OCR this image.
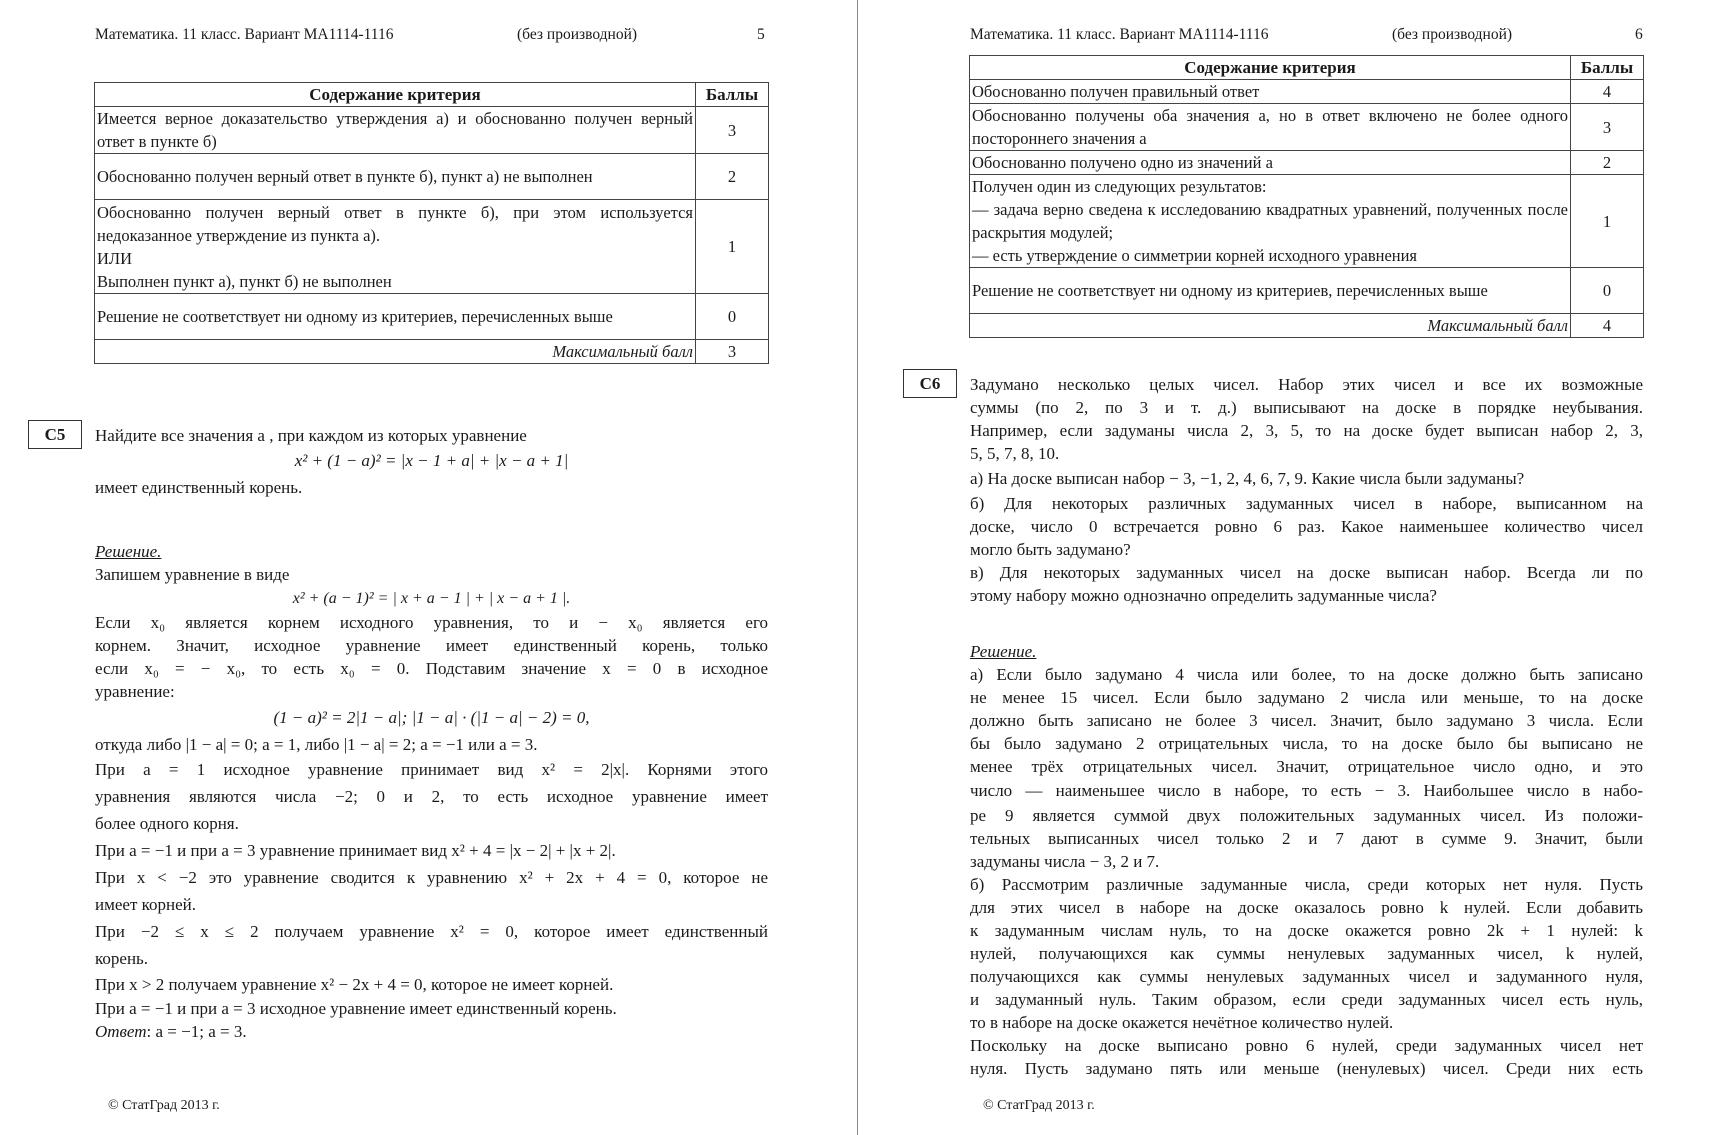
Математика. 11 класс. Вариант МА1114-1116	(без производной)	5
Содержание критерия	Баллы
Имеется верное доказательство утверждения а) и обоснованно получен верный ответ в пункте б)	3
Обоснованно получен верный ответ в пункте б), пункт а) не выполнен	2

Обоснованно получен верный ответ в пункте б), при этом используется недоказанное утверждение из пункта а).
ИЛИ
Выполнен пункт а), пункт б) не выполнен	1
Решение не соответствует ни одному из критериев, перечисленных выше	0
Максимальный балл	3
C5	Найдите все значения a , при каждом из которых уравнение
x² + (1 − a)² = |x − 1 + a| + |x − a + 1|
имеет единственный корень.
Решение.
Запишем уравнение в виде
x² + (a − 1)² = | x + a − 1 | + | x − a + 1 |.
Если x₀ является корнем исходного уравнения, то и − x₀ является его
корнем. Значит, исходное уравнение имеет единственный корень, только
если x₀ = − x₀, то есть x₀ = 0. Подставим значение x = 0 в исходное
уравнение:
(1 − a)² = 2|1 − a|; |1 − a| · (|1 − a| − 2) = 0,
откуда либо |1 − a| = 0; a = 1, либо |1 − a| = 2; a = −1 или a = 3.
При a = 1 исходное уравнение принимает вид x² = 2|x|. Корнями этого
уравнения являются числа −2; 0 и 2, то есть исходное уравнение имеет
более одного корня.
При a = −1 и при a = 3 уравнение принимает вид x² + 4 = |x − 2| + |x + 2|.
При x < −2 это уравнение сводится к уравнению x² + 2x + 4 = 0, которое не
имеет корней.
При −2 ≤ x ≤ 2 получаем уравнение x² = 0, которое имеет единственный
корень.
При x > 2 получаем уравнение x² − 2x + 4 = 0, которое не имеет корней.
При a = −1 и при a = 3 исходное уравнение имеет единственный корень.
Ответ: a = −1; a = 3.
© СтатГрад 2013 г.
Математика. 11 класс. Вариант МА1114-1116	(без производной)	6
Содержание критерия	Баллы
Обоснованно получен правильный ответ	4
Обоснованно получены оба значения a, но в ответ включено не более одного постороннего значения a	3
Обоснованно получено одно из значений a	2

Получен один из следующих результатов:
— задача верно сведена к исследованию квадратных уравнений, полученных после раскрытия модулей;
— есть утверждение о симметрии корней исходного уравнения	1
Решение не соответствует ни одному из критериев, перечисленных выше	0
Максимальный балл	4
C6	Задумано несколько целых чисел. Набор этих чисел и все их возможные
суммы (по 2, по 3 и т. д.) выписывают на доске в порядке неубывания.
Например, если задуманы числа 2, 3, 5, то на доске будет выписан набор 2, 3,
5, 5, 7, 8, 10.
а) На доске выписан набор − 3, −1, 2, 4, 6, 7, 9. Какие числа были задуманы?
б) Для некоторых различных задуманных чисел в наборе, выписанном на
доске, число 0 встречается ровно 6 раз. Какое наименьшее количество чисел
могло быть задумано?
в) Для некоторых задуманных чисел на доске выписан набор. Всегда ли по
этому набору можно однозначно определить задуманные числа?
Решение.
а) Если было задумано 4 числа или более, то на доске должно быть записано
не менее 15 чисел. Если было задумано 2 числа или меньше, то на доске
должно быть записано не более 3 чисел. Значит, было задумано 3 числа. Если
бы было задумано 2 отрицательных числа, то на доске было бы выписано не
менее трёх отрицательных чисел. Значит, отрицательное число одно, и это
число — наименьшее число в наборе, то есть − 3. Наибольшее число в набо-
ре 9 является суммой двух положительных задуманных чисел. Из положи-
тельных выписанных чисел только 2 и 7 дают в сумме 9. Значит, были
задуманы числа − 3, 2 и 7.
б) Рассмотрим различные задуманные числа, среди которых нет нуля. Пусть
для этих чисел в наборе на доске оказалось ровно k нулей. Если добавить
к задуманным числам нуль, то на доске окажется ровно 2k + 1 нулей: k
нулей, получающихся как суммы ненулевых задуманных чисел, k нулей,
получающихся как суммы ненулевых задуманных чисел и задуманного нуля,
и задуманный нуль. Таким образом, если среди задуманных чисел есть нуль,
то в наборе на доске окажется нечётное количество нулей.
Поскольку на доске выписано ровно 6 нулей, среди задуманных чисел нет
нуля. Пусть задумано пять или меньше (ненулевых) чисел. Среди них есть
© СтатГрад 2013 г.
